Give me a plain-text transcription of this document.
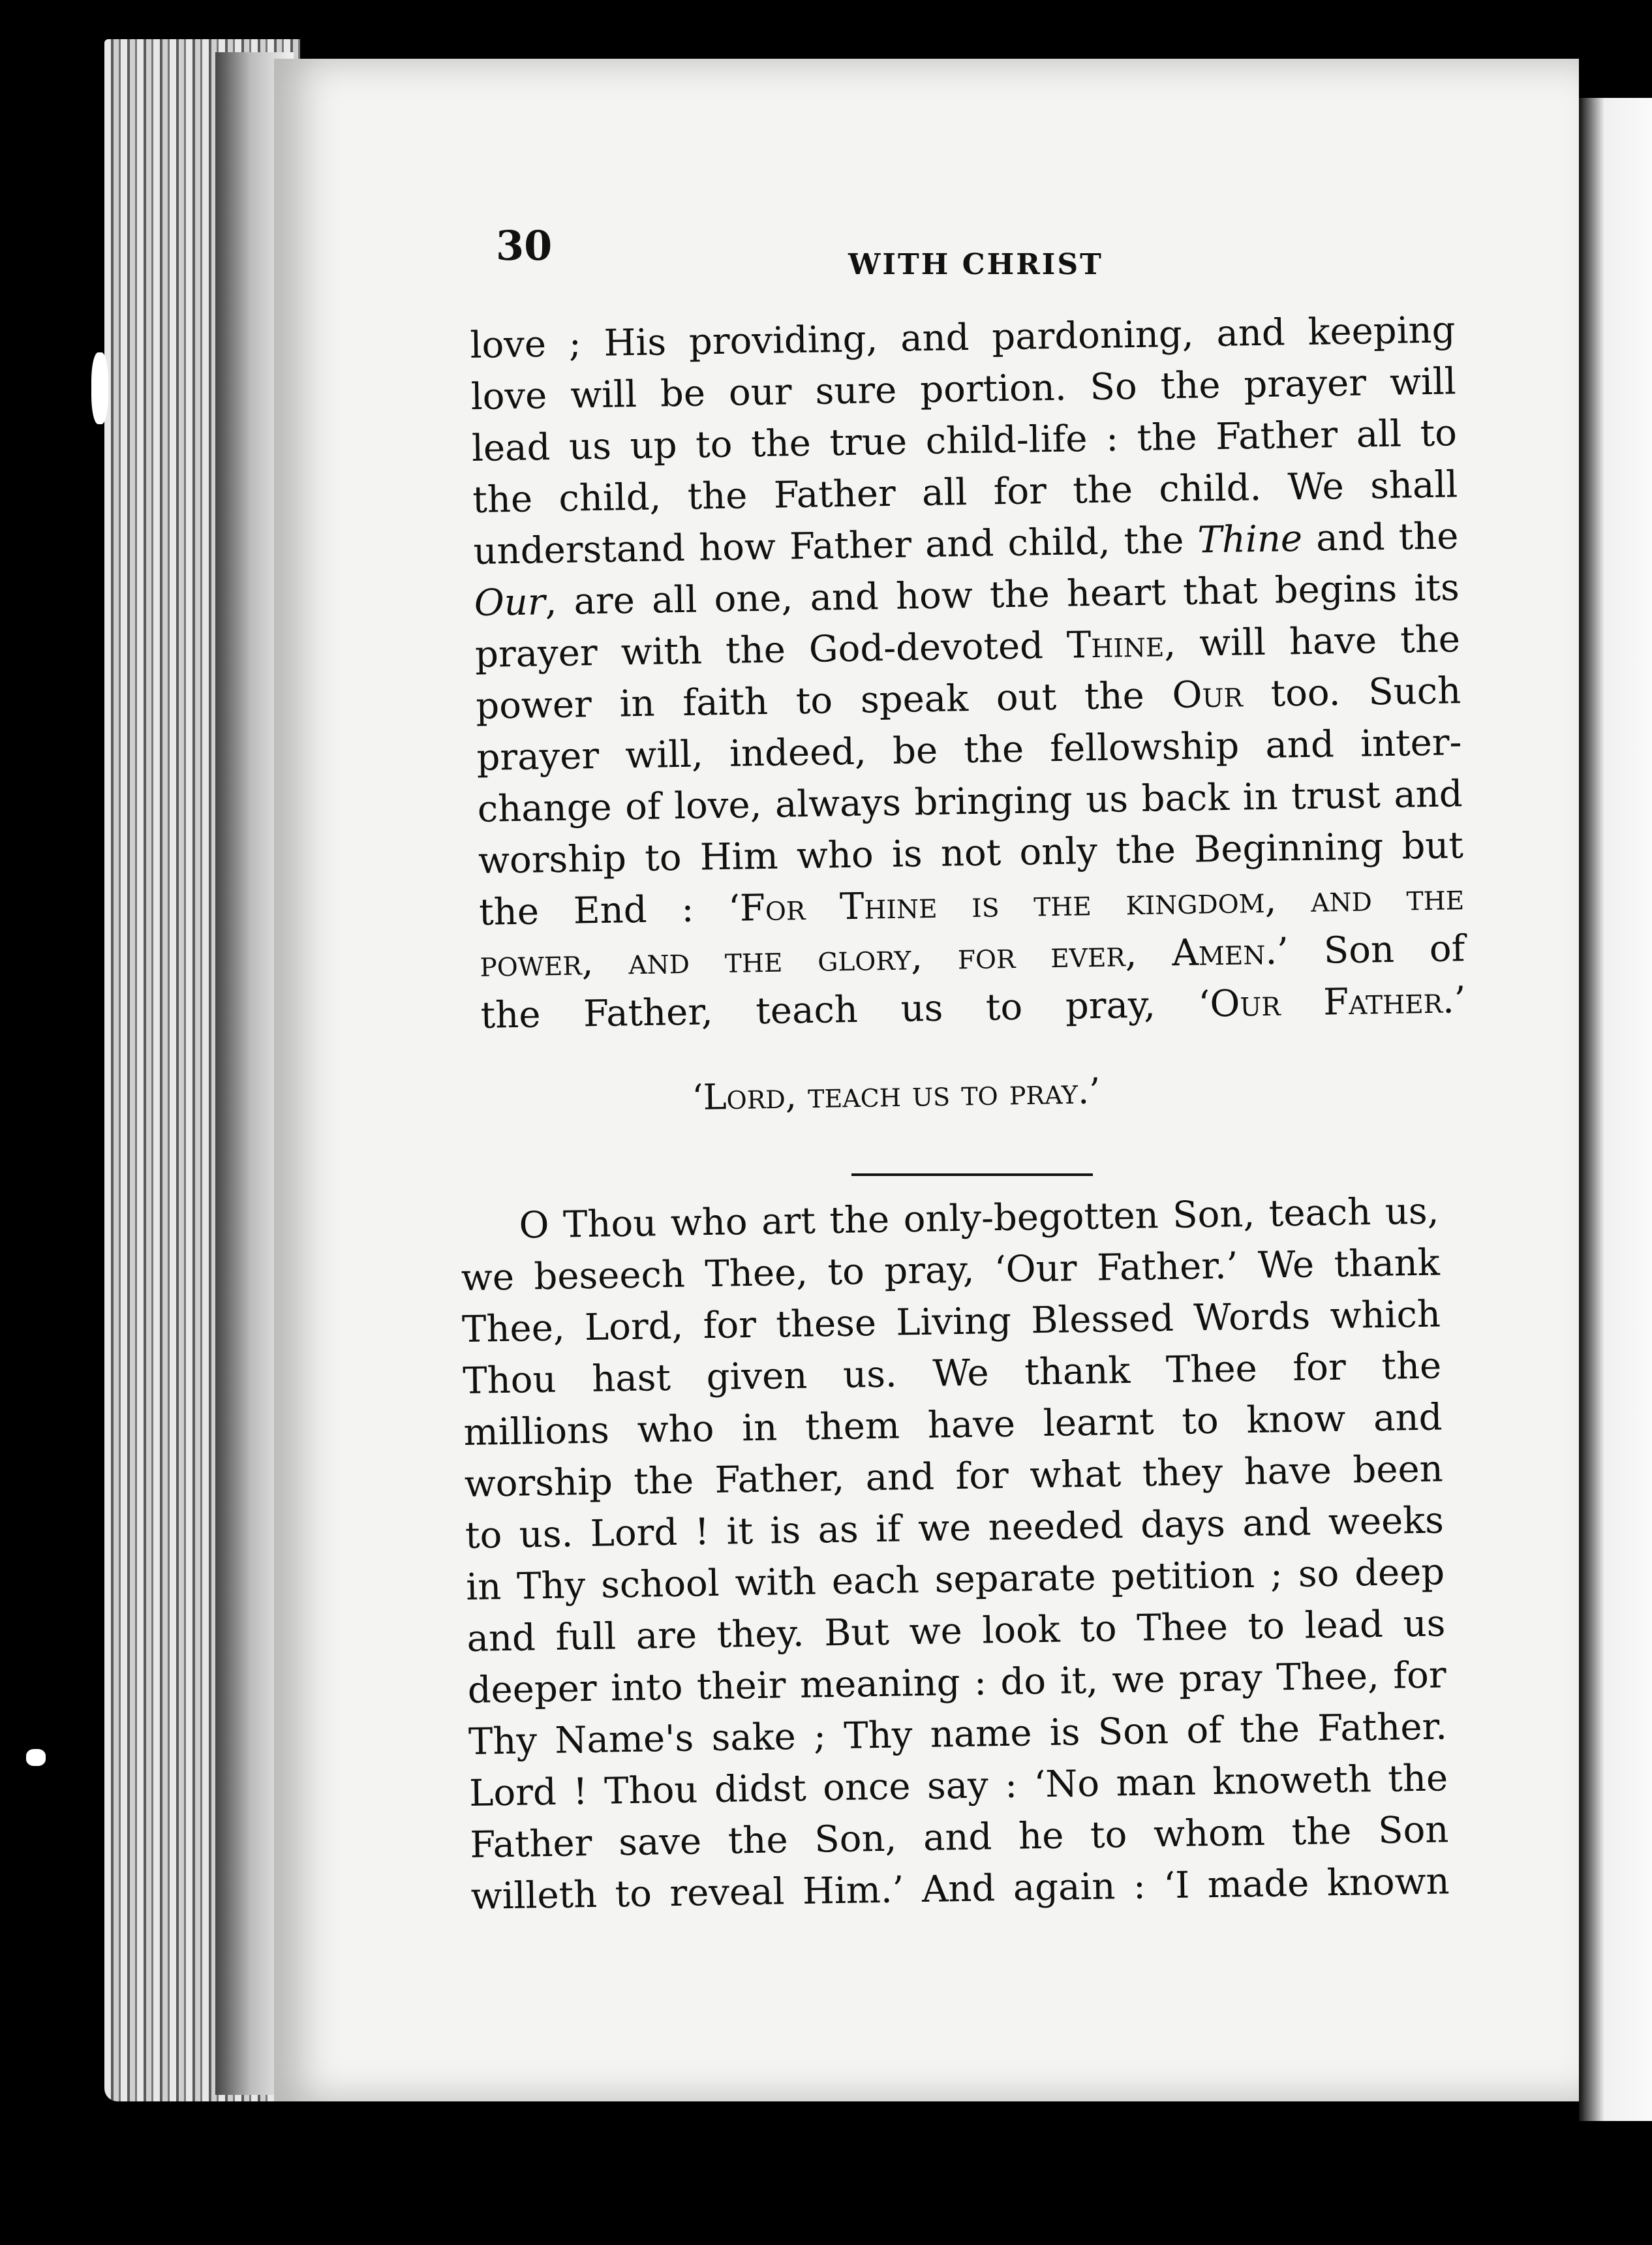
30	WITH CHRIST
love ; His providing, and pardoning, and keeping
love will be our sure portion. So the prayer will
lead us up to the true child-life : the Father all to
the child, the Father all for the child. We shall
understand how Father and child, the Thine and the
Our, are all one, and how the heart that begins its
prayer with the God-devoted Thine, will have the
power in faith to speak out the Our too. Such
prayer will, indeed, be the fellowship and inter-
change of love, always bringing us back in trust and
worship to Him who is not only the Beginning but
the End : ‘For Thine is the kingdom, and the
power, and the glory, for ever, Amen.’ Son of
the Father, teach us to pray, ‘Our Father.’
‘Lord, teach us to pray.’
O Thou who art the only-begotten Son, teach us,
we beseech Thee, to pray, ‘Our Father.’ We thank
Thee, Lord, for these Living Blessed Words which
Thou hast given us. We thank Thee for the
millions who in them have learnt to know and
worship the Father, and for what they have been
to us. Lord ! it is as if we needed days and weeks
in Thy school with each separate petition ; so deep
and full are they. But we look to Thee to lead us
deeper into their meaning : do it, we pray Thee, for
Thy Name's sake ; Thy name is Son of the Father.
Lord ! Thou didst once say : ‘No man knoweth the
Father save the Son, and he to whom the Son
willeth to reveal Him.’ And again : ‘I made known
